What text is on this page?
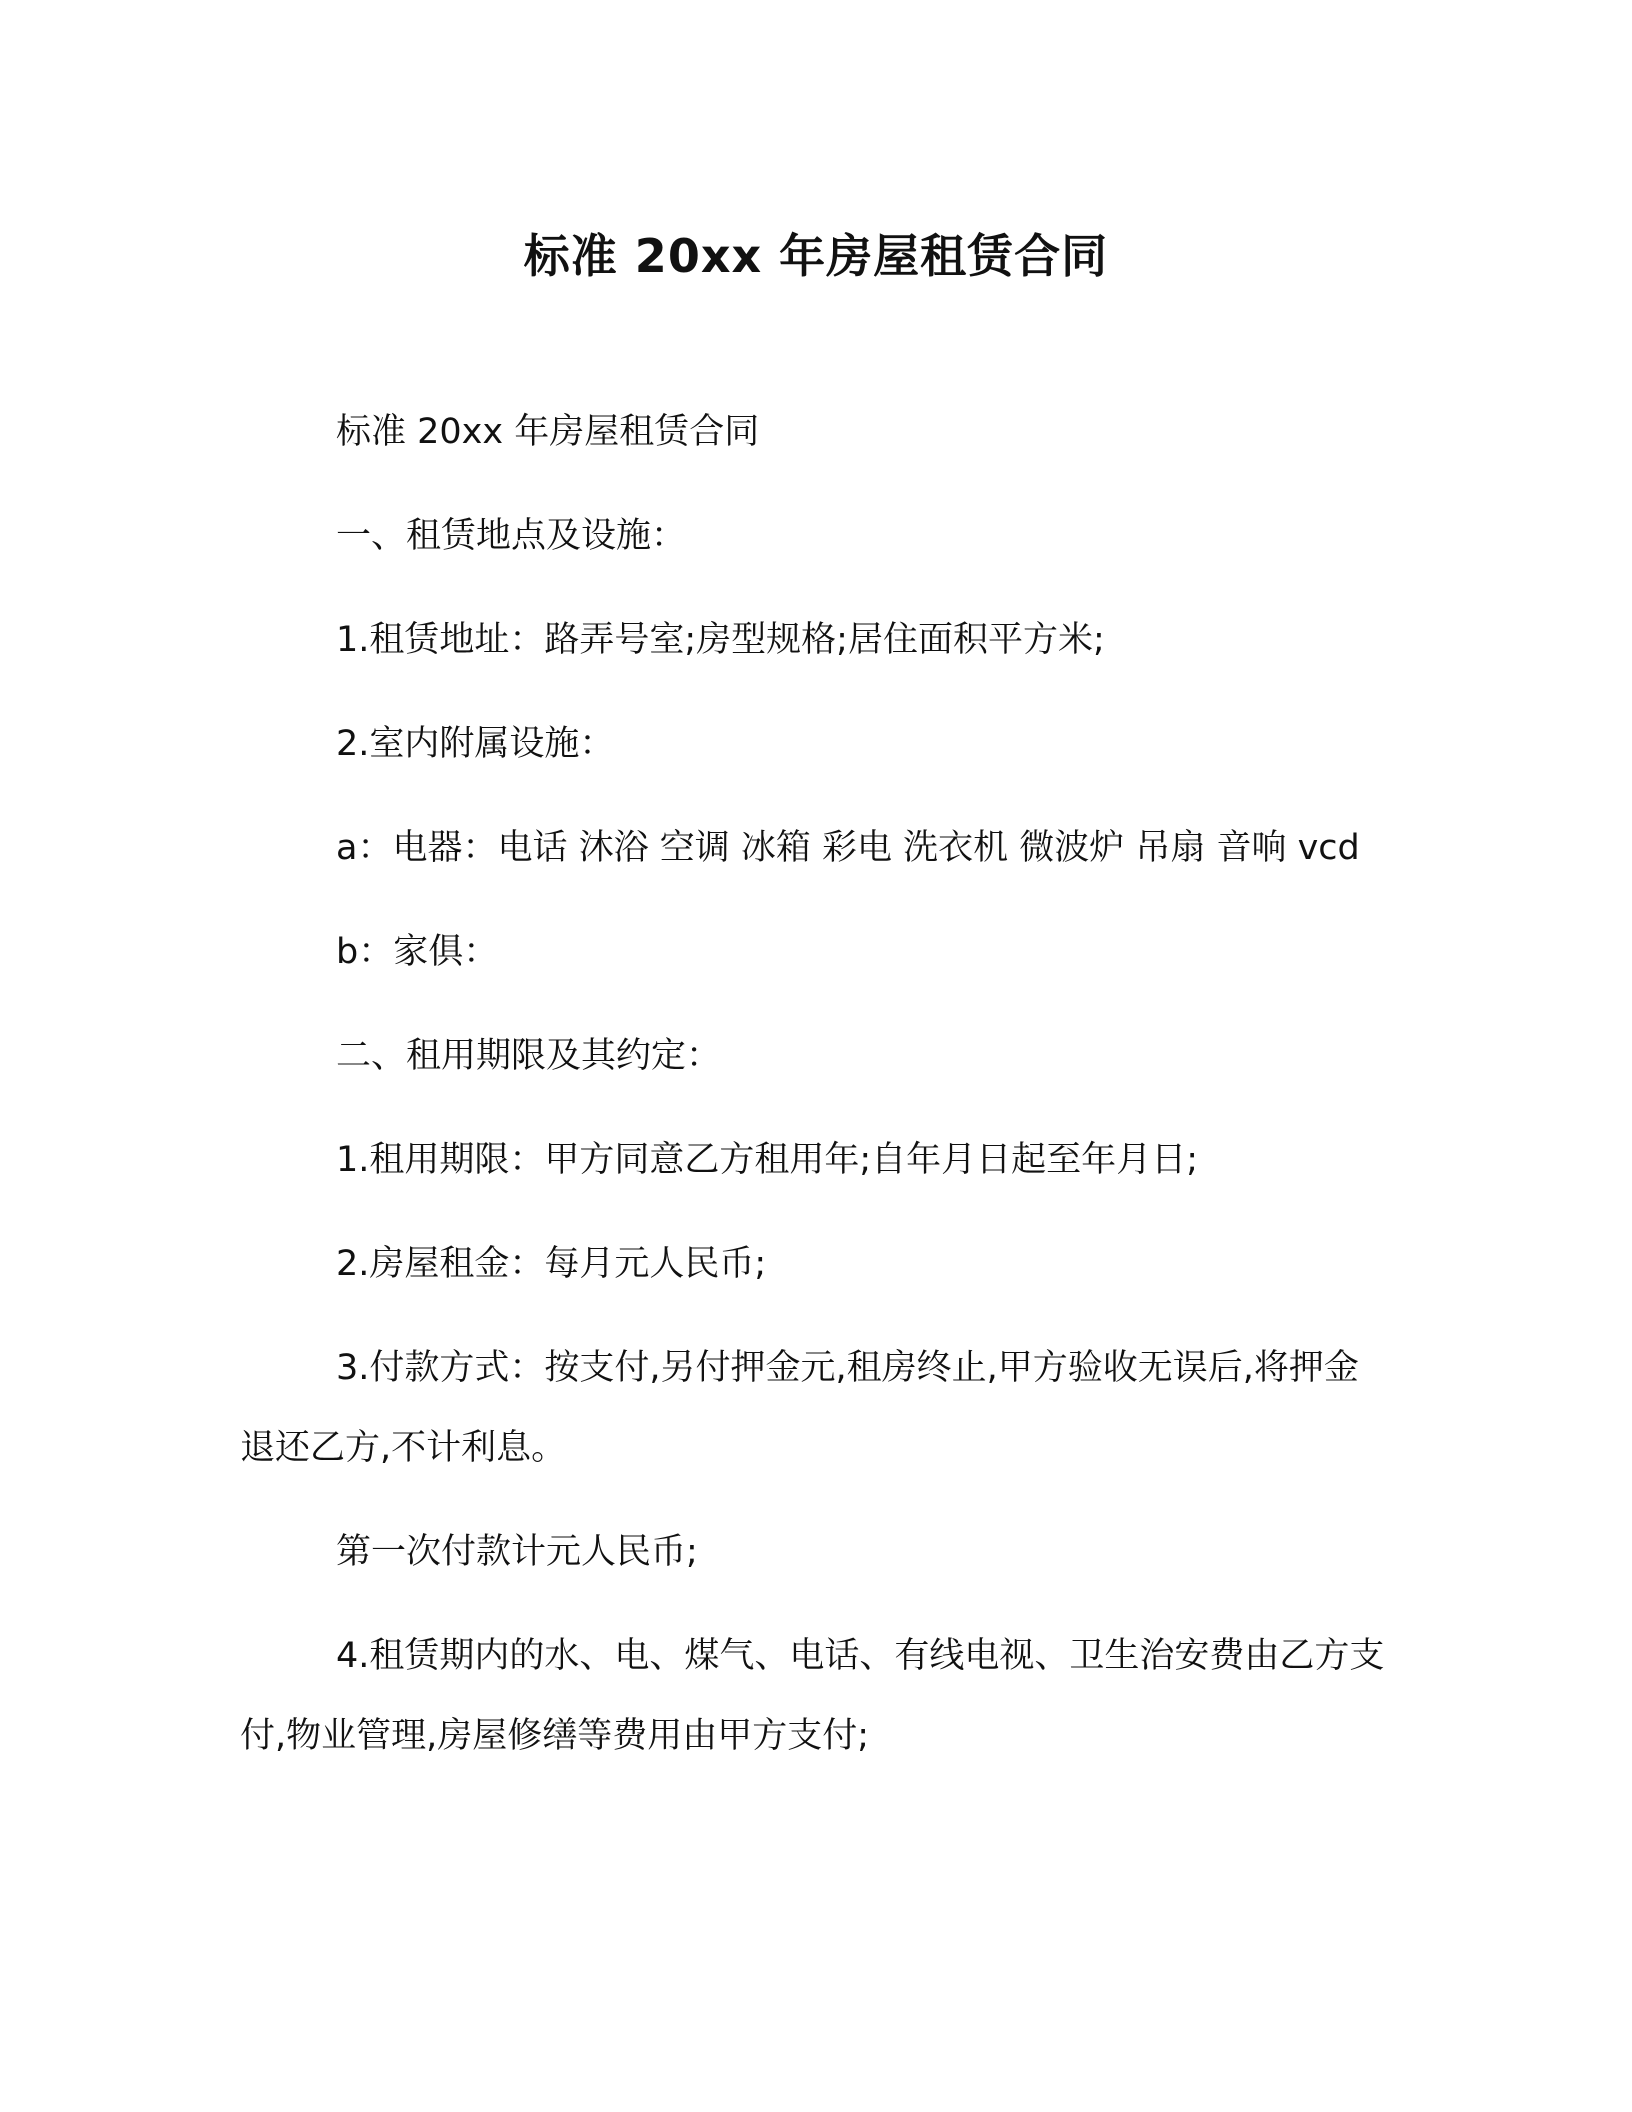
标准 20xx 年房屋租赁合同

标准 20xx 年房屋租赁合同

一、租赁地点及设施：

1.租赁地址：路弄号室;房型规格;居住面积平方米;

2.室内附属设施：

a：电器：电话 沐浴 空调 冰箱 彩电 洗衣机 微波炉 吊扇 音响 vcd

b：家俱：

二、租用期限及其约定：

1.租用期限：甲方同意乙方租用年;自年月日起至年月日;

2.房屋租金：每月元人民币;

3.付款方式：按支付,另付押金元,租房终止,甲方验收无误后,将押金退还乙方,不计利息。

第一次付款计元人民币;

4.租赁期内的水、电、煤气、电话、有线电视、卫生治安费由乙方支付,物业管理,房屋修缮等费用由甲方支付;
